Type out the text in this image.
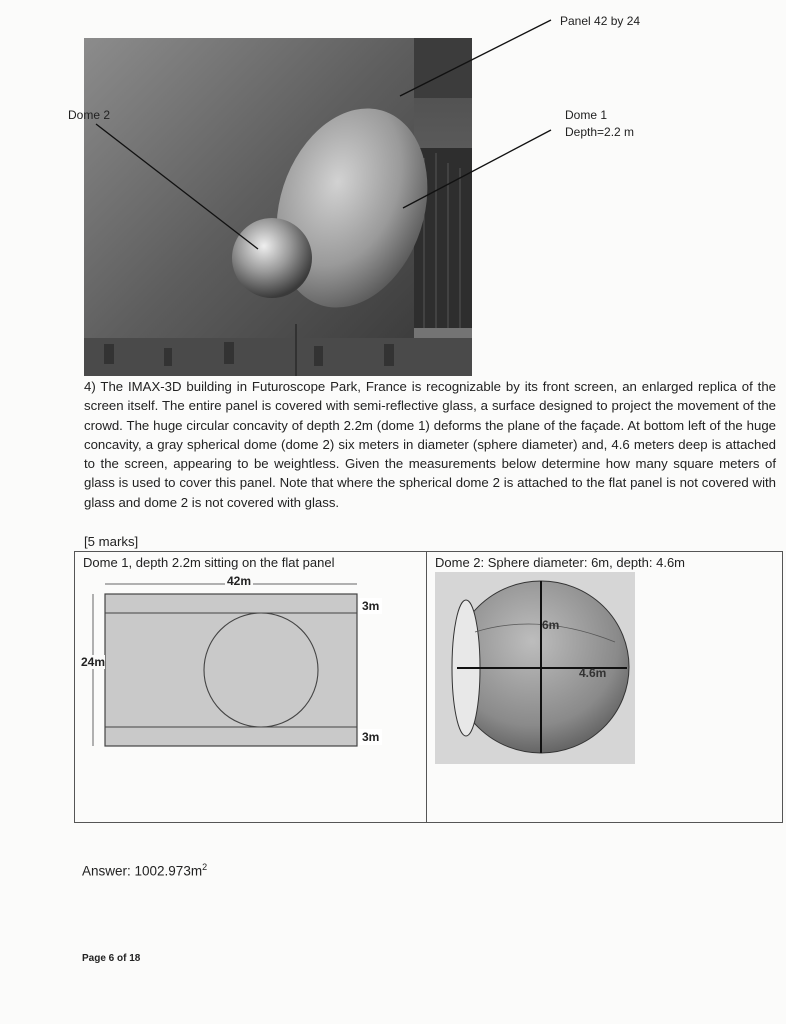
Panel 42 by 24
Dome 1
Depth=2.2 m
Dome 2

4) The IMAX-3D building in Futuroscope Park, France is recognizable by its front screen, an enlarged replica of the screen itself. The entire panel is covered with semi-reflective glass, a surface designed to project the movement of the crowd. The huge circular concavity of depth 2.2m (dome 1) deforms the plane of the façade. At bottom left of the huge concavity, a gray spherical dome (dome 2) six meters in diameter (sphere diameter) and, 4.6 meters deep is attached to the screen, appearing to be weightless. Given the measurements below determine how many square meters of glass is used to cover this panel. Note that where the spherical dome 2 is attached to the flat panel is not covered with glass and dome 2 is not covered with glass.

[5 marks]
Dome 1, depth 2.2m sitting on the flat panel
42m
24m
3m
3m
Dome 2: Sphere diameter: 6m, depth: 4.6m
6m
4.6m
Answer: $1002.973m^2$
Page 6 of 18
